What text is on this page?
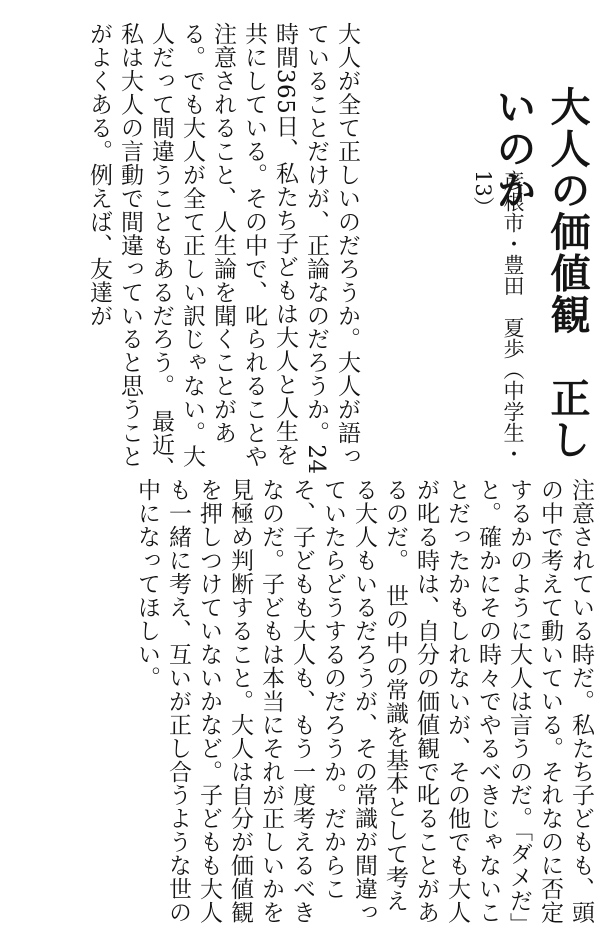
大人の価値観　正しいのか

彦根市・豊田　夏歩（中学生・13）

大人が全て正しいのだろうか。大人が語っていることだけが、正論なのだろうか。24時間365日、私たち子どもは大人と人生を共にしている。その中で、叱られることや注意されること、人生論を聞くことがある。でも大人が全て正しい訳じゃない。大人だって間違うこともあるだろう。　最近、私は大人の言動で間違っていると思うことがよくある。例えば、友達が

注意されている時だ。私たち子どもも、頭の中で考えて動いている。それなのに否定するかのように大人は言うのだ。「ダメだ」と。確かにその時々でやるべきじゃないことだったかもしれないが、その他でも大人が叱る時は、自分の価値観で叱ることがあるのだ。　世の中の常識を基本として考える大人もいるだろうが、その常識が間違っていたらどうするのだろうか。だからこそ、子どもも大人も、もう一度考えるべきなのだ。子どもは本当にそれが正しいかを見極め判断すること。大人は自分が価値観を押しつけていないかなど。子どもも大人も一緒に考え、互いが正し合うような世の中になってほしい。
